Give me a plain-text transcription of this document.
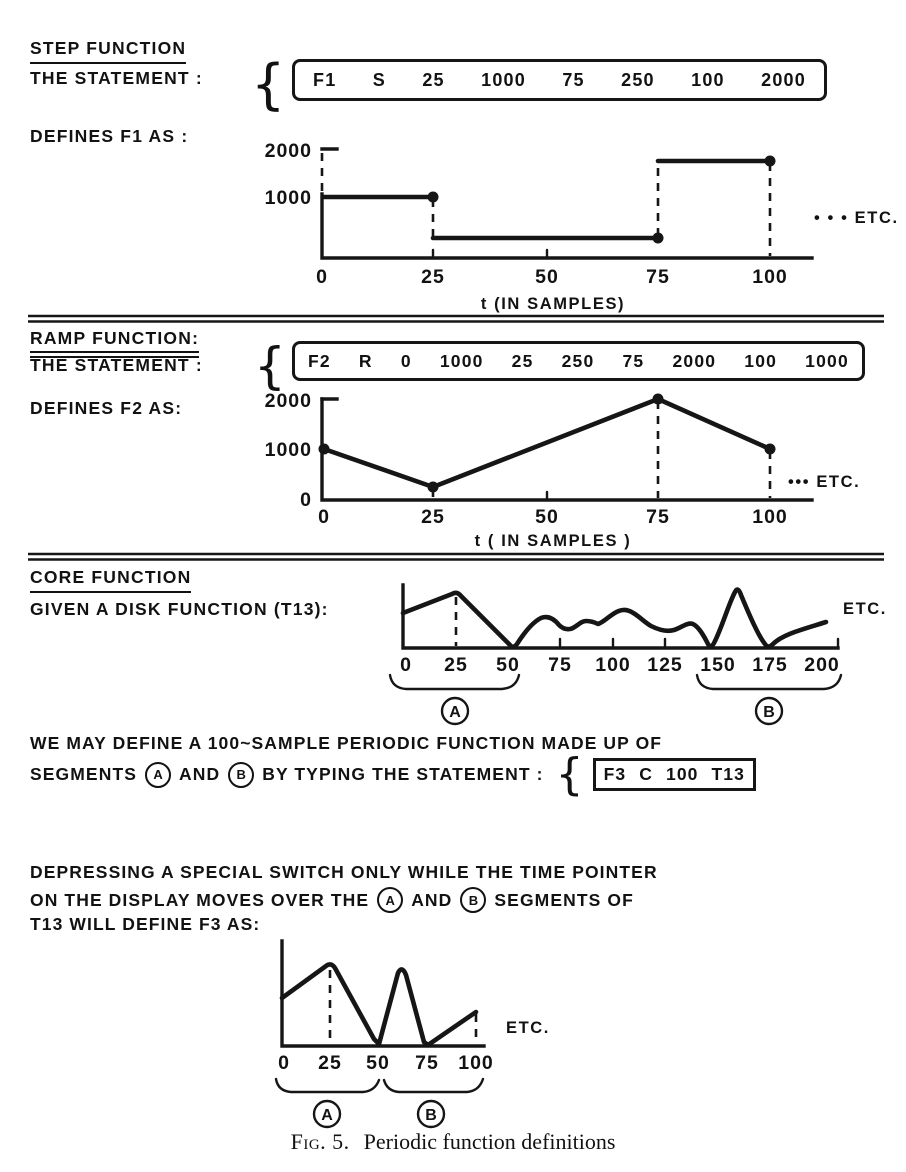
2000
1000
0	25	50	75	100
t (IN SAMPLES)
• • • ETC.
2000
1000
0
0	25	50	75	100
t ( IN SAMPLES )
••• ETC.
0 25 50 75 100 125 150 175 200
ETC.
A	B
0 25 50 75 100
ETC.
A	B
STEP FUNCTION
THE STATEMENT : { F1 S 25 1000 75 250 100 2000
DEFINES F1 AS :
RAMP FUNCTION:
THE STATEMENT : { F2 R 0 1000 25 250 75 2000 100 1000
DEFINES F2 AS:
CORE FUNCTION
GIVEN A DISK FUNCTION (T13):
WE MAY DEFINE A 100~SAMPLE PERIODIC FUNCTION MADE UP OF
SEGMENTS A AND B BY TYPING THE STATEMENT : { F3 C 100 T13
DEPRESSING A SPECIAL SWITCH ONLY WHILE THE TIME POINTER
ON THE DISPLAY MOVES OVER THE A AND B SEGMENTS OF
T13 WILL DEFINE F3 AS:
Fig. 5. Periodic function definitions
